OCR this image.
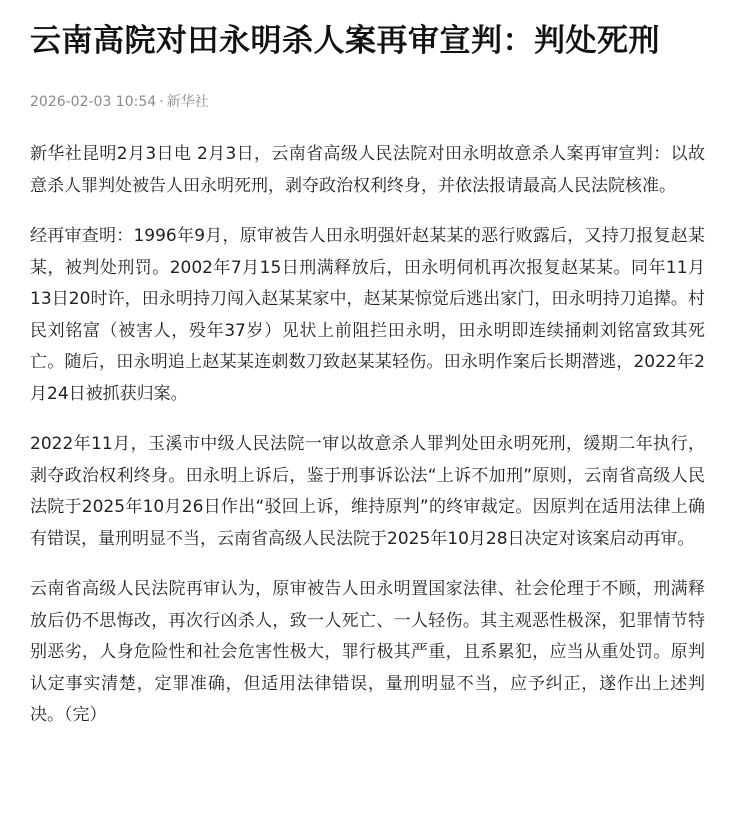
云南高院对田永明杀人案再审宣判：判处死刑
2026-02-03 10:54 · 新华社

新华社昆明2月3日电 2月3日，云南省高级人民法院对田永明故意杀人案再审宣判：以故意杀人罪判处被告人田永明死刑，剥夺政治权利终身，并依法报请最高人民法院核准。

经再审查明：1996年9月，原审被告人田永明强奸赵某某的恶行败露后，又持刀报复赵某某，被判处刑罚。2002年7月15日刑满释放后，田永明伺机再次报复赵某某。同年11月13日20时许，田永明持刀闯入赵某某家中，赵某某惊觉后逃出家门，田永明持刀追撵。村民刘铭富（被害人，殁年37岁）见状上前阻拦田永明，田永明即连续捅刺刘铭富致其死亡。随后，田永明追上赵某某连刺数刀致赵某某轻伤。田永明作案后长期潜逃，2022年2月24日被抓获归案。

2022年11月，玉溪市中级人民法院一审以故意杀人罪判处田永明死刑，缓期二年执行，剥夺政治权利终身。田永明上诉后，鉴于刑事诉讼法“上诉不加刑”原则，云南省高级人民法院于2025年10月26日作出“驳回上诉，维持原判”的终审裁定。因原判在适用法律上确有错误，量刑明显不当，云南省高级人民法院于2025年10月28日决定对该案启动再审。

云南省高级人民法院再审认为，原审被告人田永明置国家法律、社会伦理于不顾，刑满释放后仍不思悔改，再次行凶杀人，致一人死亡、一人轻伤。其主观恶性极深，犯罪情节特别恶劣，人身危险性和社会危害性极大，罪行极其严重，且系累犯，应当从重处罚。原判认定事实清楚，定罪准确，但适用法律错误，量刑明显不当，应予纠正，遂作出上述判决。（完）
